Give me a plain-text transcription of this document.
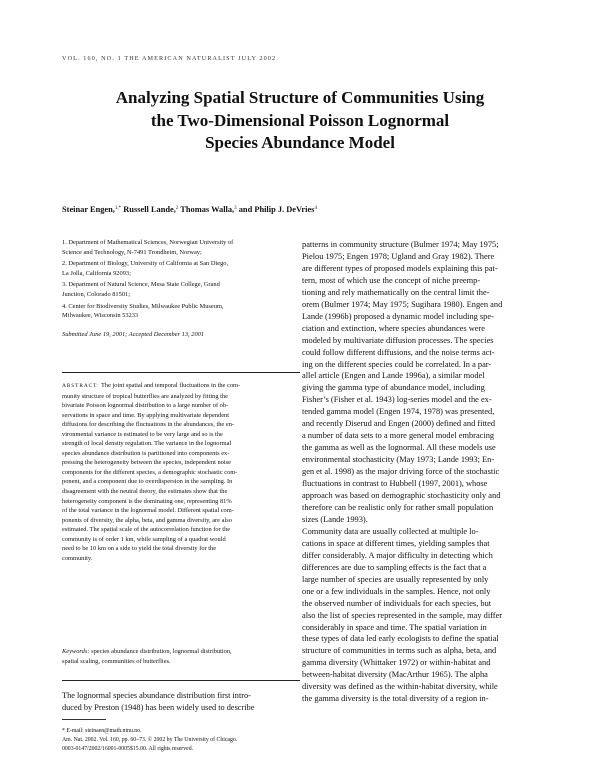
VOL. 160, NO. 1 THE AMERICAN NATURALIST JULY 2002
Analyzing Spatial Structure of Communities Using
the Two-Dimensional Poisson Lognormal
Species Abundance Model
Steinar Engen,$^{1,*}$ Russell Lande,$^2$ Thomas Walla,$^3$ and Philip J. DeVries$^4$
1. Department of Mathematical Sciences, Norwegian University of
Science and Technology, N-7491 Trondheim, Norway;
2. Department of Biology, University of California at San Diego,
La Jolla, California 92093;
3. Department of Natural Science, Mesa State College, Grand
Junction, Colorado 81501;
4. Center for Biodiversity Studies, Milwaukee Public Museum,
Milwaukee, Wisconsin 53233
Submitted June 19, 2001; Accepted December 13, 2001
ABSTRACT: The joint spatial and temporal fluctuations in the com-
munity structure of tropical butterflies are analyzed by fitting the
bivariate Poisson lognormal distribution to a large number of ob-
servations in space and time. By applying multivariate dependent
diffusions for describing the fluctuations in the abundances, the en-
vironmental variance is estimated to be very large and so is the
strength of local density regulation. The variance in the lognormal
species abundance distribution is partitioned into components ex-
pressing the heterogeneity between the species, independent noise
components for the different species, a demographic stochastic com-
ponent, and a component due to overdispersion in the sampling. In
disagreement with the neutral theory, the estimates show that the
heterogeneity component is the dominating one, representing 81%
of the total variance in the lognormal model. Different spatial com-
ponents of diversity, the alpha, beta, and gamma diversity, are also
estimated. The spatial scale of the autocorrelation function for the
community is of order 1 km, while sampling of a quadrat would
need to be 10 km on a side to yield the total diversity for the
community.
Keywords: species abundance distribution, lognormal distribution,
spatial scaling, communities of butterflies.
The lognormal species abundance distribution first intro-
duced by Preston (1948) has been widely used to describe
* E-mail: steinaen@math.ntnu.no.
Am. Nat. 2002. Vol. 160, pp. 60–73. © 2002 by The University of Chicago.
0003-0147/2002/16001-0005$15.00. All rights reserved.
patterns in community structure (Bulmer 1974; May 1975;
Pielou 1975; Engen 1978; Ugland and Gray 1982). There
are different types of proposed models explaining this pat-
tern, most of which use the concept of niche preemp-
tioning and rely mathematically on the central limit the-
orem (Bulmer 1974; May 1975; Sugihara 1980). Engen and
Lande (1996b) proposed a dynamic model including spe-
ciation and extinction, where species abundances were
modeled by multivariate diffusion processes. The species
could follow different diffusions, and the noise terms act-
ing on the different species could be correlated. In a par-
allel article (Engen and Lande 1996a), a similar model
giving the gamma type of abundance model, including
Fisher’s (Fisher et al. 1943) log-series model and the ex-
tended gamma model (Engen 1974, 1978) was presented,
and recently Diserud and Engen (2000) defined and fitted
a number of data sets to a more general model embracing
the gamma as well as the lognormal. All these models use
environmental stochasticity (May 1973; Lande 1993; En-
gen et al. 1998) as the major driving force of the stochastic
fluctuations in contrast to Hubbell (1997, 2001), whose
approach was based on demographic stochasticity only and
therefore can be realistic only for rather small population
sizes (Lande 1993).
Community data are usually collected at multiple lo-
cations in space at different times, yielding samples that
differ considerably. A major difficulty in detecting which
differences are due to sampling effects is the fact that a
large number of species are usually represented by only
one or a few individuals in the samples. Hence, not only
the observed number of individuals for each species, but
also the list of species represented in the sample, may differ
considerably in space and time. The spatial variation in
these types of data led early ecologists to define the spatial
structure of communities in terms such as alpha, beta, and
gamma diversity (Whittaker 1972) or within-habitat and
between-habitat diversity (MacArthur 1965). The alpha
diversity was defined as the within-habitat diversity, while
the gamma diversity is the total diversity of a region in-
